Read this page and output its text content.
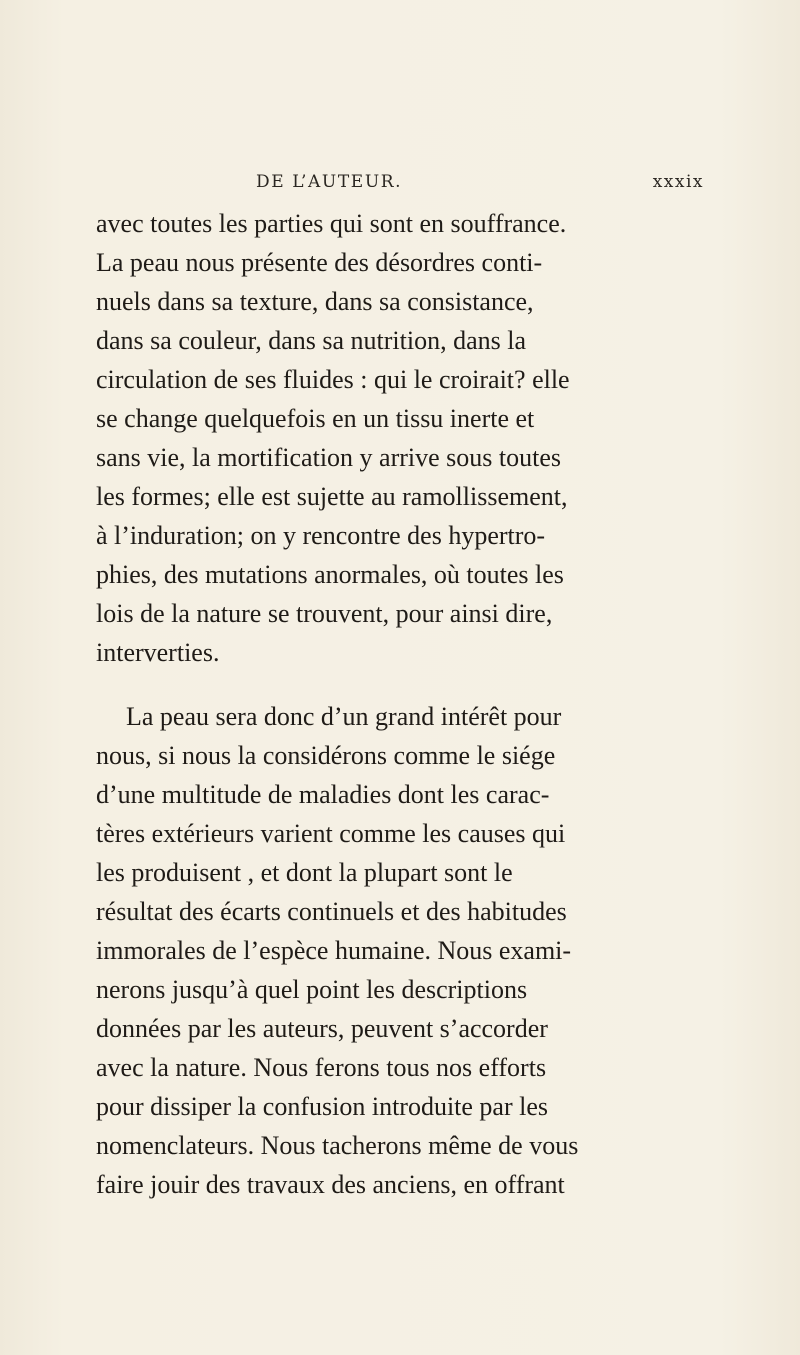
DE L’AUTEUR.	xxxix
avec toutes les parties qui sont en souffrance.
La peau nous présente des désordres conti-
nuels dans sa texture, dans sa consistance,
dans sa couleur, dans sa nutrition, dans la
circulation de ses fluides : qui le croirait? elle
se change quelquefois en un tissu inerte et
sans vie, la mortification y arrive sous toutes
les formes; elle est sujette au ramollissement,
à l’induration; on y rencontre des hypertro-
phies, des mutations anormales, où toutes les
lois de la nature se trouvent, pour ainsi dire,
interverties.
La peau sera donc d’un grand intérêt pour
nous, si nous la considérons comme le siége
d’une multitude de maladies dont les carac-
tères extérieurs varient comme les causes qui
les produisent , et dont la plupart sont le
résultat des écarts continuels et des habitudes
immorales de l’espèce humaine. Nous exami-
nerons jusqu’à quel point les descriptions
données par les auteurs, peuvent s’accorder
avec la nature. Nous ferons tous nos efforts
pour dissiper la confusion introduite par les
nomenclateurs. Nous tacherons même de vous
faire jouir des travaux des anciens, en offrant
